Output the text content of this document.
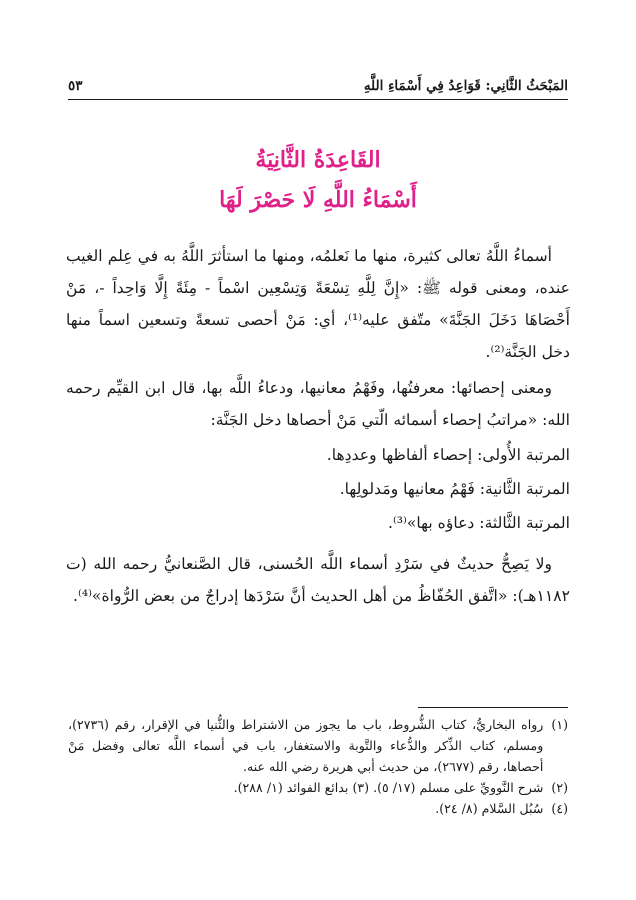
المَبْحَثُ الثَّانِي: قَوَاعِدُ فِي أَسْمَاءِ اللَّهِ
٥٣
القَاعِدَةُ الثَّانِيَةُ
أَسْمَاءُ اللَّهِ لَا حَصْرَ لَهَا

أسماءُ اللَّهُ تعالى كثيرة، منها ما نَعلمُه، ومنها ما استأثرَ اللَّهُ به في عِلم الغيب عنده، ومعنى قوله ﷺ: «إِنَّ لِلَّهِ تِسْعَةً وَتِسْعِين اسْماً - مِئَةً إِلَّا وَاحِداً -، مَنْ أَحْصَاهَا دَخَلَ الجَنَّةَ» متّفق عليه⁽¹⁾، أي: مَنْ أحصى تسعةً وتسعين اسماً منها دخل الجَنَّة⁽²⁾.

ومعنى إحصائها: معرفتُها، وفَهْمُ معانيها، ودعاءُ اللَّه بها، قال ابن القيِّم رحمه الله: «مراتبُ إحصاء أسمائه الّتي مَنْ أحصاها دخل الجَنَّة:

المرتبة الأُولى: إحصاء ألفاظها وعددِها.

المرتبة الثَّانية: فَهْمُ معانيها ومَدلولِها.

المرتبة الثَّالثة: دعاؤه بها»⁽³⁾.

ولا يَصِحُّ حديثٌ في سَرْدِ أسماء اللَّه الحُسنى، قال الصَّنعانيُّ رحمه الله (ت ١١٨٢هـ): «اتَّفق الحُفّاظُ من أهل الحديث أنَّ سَرْدَها إدراجٌ من بعض الرُّواة»⁽⁴⁾.

(١)
رواه البخاريُّ، كتاب الشُّروط، باب ما يجوز من الاشتراط والثُّنيا في الإقرار، رقم (٢٧٣٦)، ومسلم، كتاب الذِّكر والدُّعاء والتَّوبة والاستغفار، باب في أسماء اللَّه تعالى وفضل مَنْ أحصاها، رقم (٢٦٧٧)، من حديث أبي هريرة رضي الله عنه.

(٢)
شرح النَّوويِّ على مسلم (١٧/ ٥). (٣) بدائع الفوائد (١/ ٢٨٨).

(٤)
سُبُل السَّلام (٨/ ٢٤).
